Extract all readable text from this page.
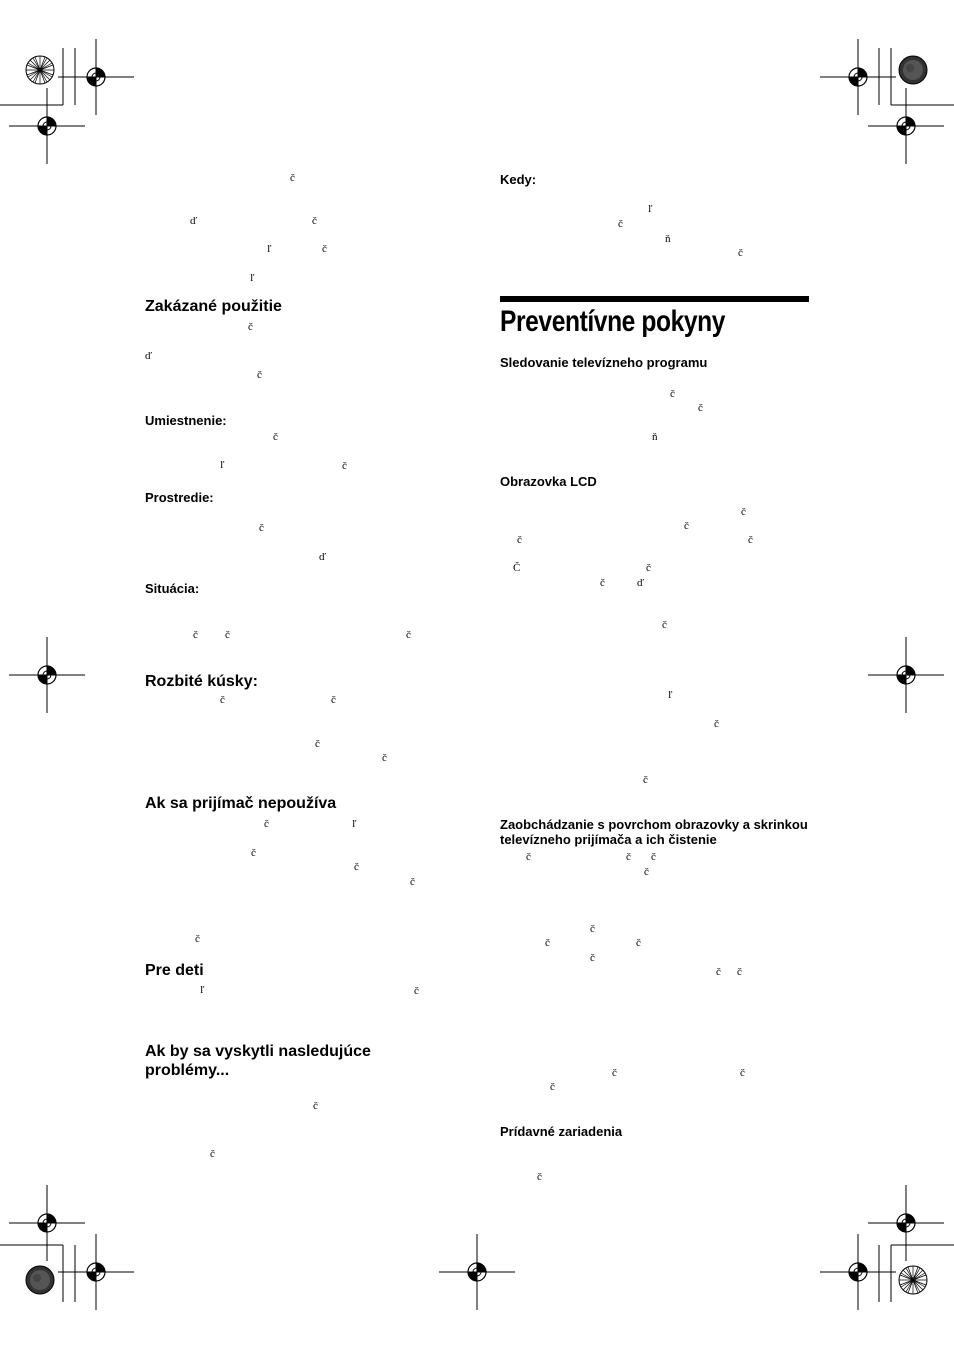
č
ď	č
ľ	č
ľ
Zakázané použitie
č
ď
č
Umiestnenie:
č
ľ	č
Prostredie:
č
ď
Situácia:
č č	č
Rozbité kúsky:
č	č
č
č
Ak sa prijímač nepoužíva
č	ľ
č
č
č
č
Pre deti
ľ	č
Ak by sa vyskytli nasledujúce problémy...
č
č
Kedy:
ľ
č
ň
č
Preventívne pokyny
Sledovanie televízneho programu
č
č
ň
Obrazovka LCD
č
č
č	č
Č	č
č	ď
č
ľ
č
č
Zaobchádzanie s povrchom obrazovky a skrinkou televízneho prijímača a ich čistenie
č	č č
č
č
č	č
č
č č
č	č
č
Prídavné zariadenia
č
